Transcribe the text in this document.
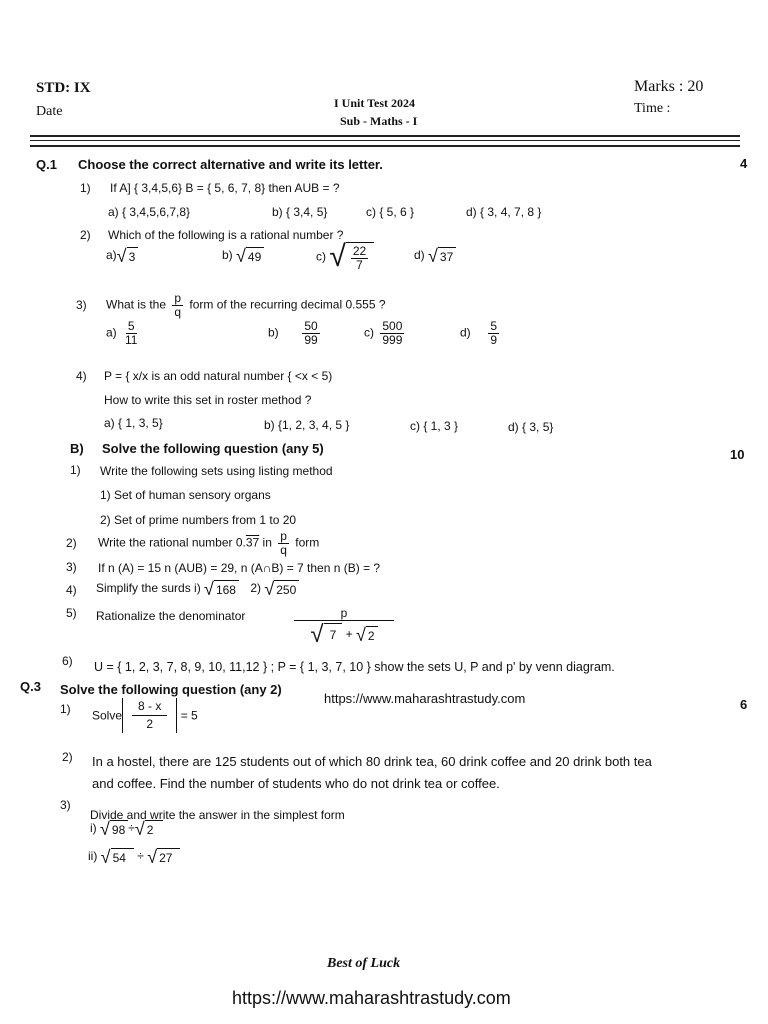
STD: IX
Date
I Unit Test 2024
Sub - Maths - I
Marks : 20
Time :
Q.1 Choose the correct alternative and write its letter.	4
1) If A] { 3,4,5,6} B = { 5, 6, 7, 8} then AUB = ?
a) { 3,4,5,6,7,8}	b) { 3,4, 5}	c) { 5, 6 }	d) { 3, 4, 7, 8 }
2) Which of the following is a rational number ?
a) √ 3	b) √ 49	c) √ $\frac{22}{7}$	d) √ 37
3) What is the $\frac{p}{q}$ form of the recurring decimal 0.555 ?
$a) \frac{5}{11}$	$b) \frac{50}{99}$	$c) \frac{500}{999}$	$d) \frac{5}{9}$
4) P = { x/x is an odd natural number { <x < 5)
How to write this set in roster method ?
a) { 1, 3, 5}	b) {1, 2, 3, 4, 5 }	c) { 1, 3 }	d) { 3, 5}
B) Solve the following question (any 5)	10
1) Write the following sets using listing method
1) Set of human sensory organs
2) Set of prime numbers from 1 to 20
2) Write the rational number 0.37 in $\frac{p}{q}$ form
3) If n (A) = 15 n (AUB) = 29, n (A∩B) = 7 then n (B) = ?
4) Simplify the surds i) √ 168 2) √ 250
5) Rationalize the denominator	p
√ 7 + √ 2
6) U = { 1, 2, 3, 7, 8, 9, 10, 11,12 } ; P = { 1, 3, 7, 10 } show the sets U, P and p' by venn diagram.
Q.3 Solve the following question (any 2)
https://www.maharashtrastudy.com	6
1) Solve $\frac{8 - x}{2} = 5$
2) In a hostel, there are 125 students out of which 80 drink tea, 60 drink coffee and 20 drink both tea
and coffee. Find the number of students who do not drink tea or coffee.
3)
Divide and write the answer in the simplest form
i) √ 98 ÷ √ 2
ii) √ 54 ÷ √ 27
Best of Luck
https://www.maharashtrastudy.com
